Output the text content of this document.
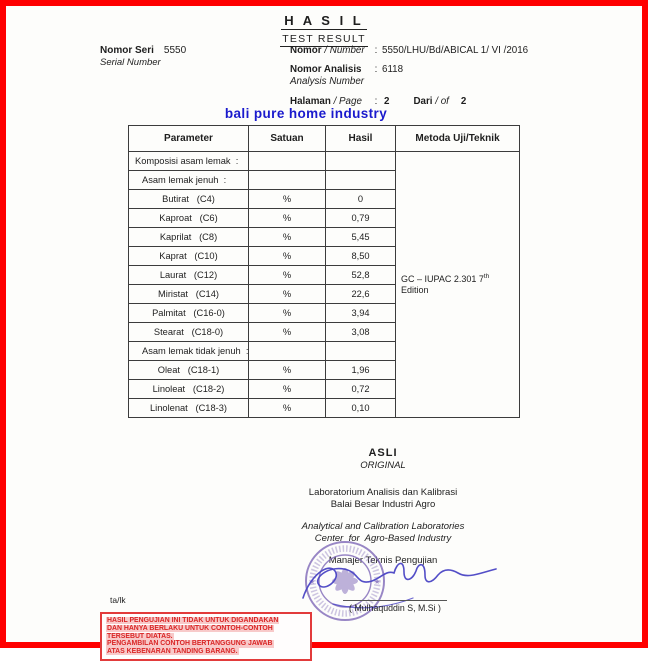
H A S I L
TEST RESULT
Nomor Seri 5550
Serial Number
Nomor / Number	: 5550/LHU/Bd/ABICAL 1/ VI /2016
Nomor Analisis
Analysis Number
: 6118
Halaman / Page	: 2 Dari / of 2
bali pure home industry
Parameter	Satuan	Hasil	Metoda Uji/Teknik
Komposisi asam lemak  :			GC – IUPAC 2.301 7th Edition
Asam lemak jenuh  :			
Butirat   (C4)	%	0	
Kaproat   (C6)	%	0,79	
Kaprilat   (C8)	%	5,45	
Kaprat   (C10)	%	8,50	
Laurat   (C12)	%	52,8	
Miristat   (C14)	%	22,6	
Palmitat   (C16-0)	%	3,94	
Stearat   (C18-0)	%	3,08	
Asam lemak tidak jenuh  :			
Oleat   (C18-1)	%	1,96	
Linoleat   (C18-2)	%	0,72	
Linolenat   (C18-3)	%	0,10	
ASLI
ORIGINAL
Laboratorium Analisis dan Kalibrasi
Balai Besar Industri Agro
Analytical and Calibration Laboratories
Center  for  Agro-Based Industry
Manajer Teknis Pengujian
★	★
( Mulhaquddin S, M.Si )
ta/lk
HASIL PENGUJIAN INI TIDAK UNTUK DIGANDAKAN
DAN HANYA BERLAKU UNTUK CONTOH-CONTOH
TERSEBUT DIATAS.
PENGAMBILAN CONTOH BERTANGGUNG JAWAB
ATAS KEBENARAN TANDING BARANG.
